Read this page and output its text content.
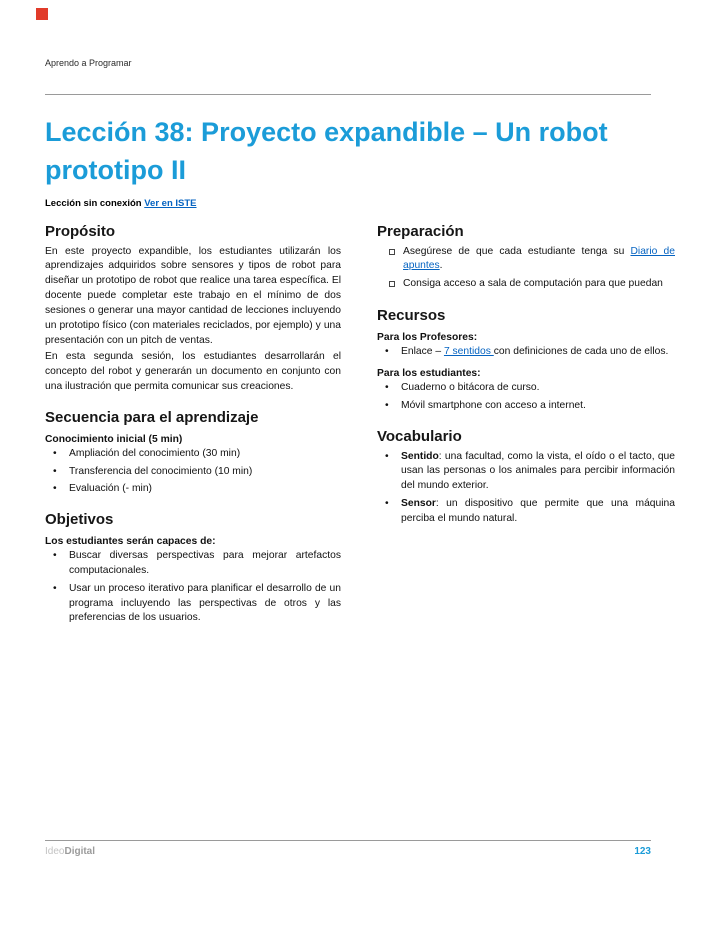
Aprendo a Programar
Lección 38: Proyecto expandible – Un robot prototipo II
Lección sin conexión Ver en ISTE
Propósito

En este proyecto expandible, los estudiantes utilizarán los aprendizajes adquiridos sobre sensores y tipos de robot para diseñar un prototipo de robot que realice una tarea específica. El docente puede completar este trabajo en el mínimo de dos sesiones o generar una mayor cantidad de lecciones incluyendo un prototipo físico (con materiales reciclados, por ejemplo) y una presentación con un pitch de ventas.

En esta segunda sesión, los estudiantes desarrollarán el concepto del robot y generarán un documento en conjunto con una ilustración que permita comunicar sus creaciones.

Secuencia para el aprendizaje

Conocimiento inicial (5 min)

•	Ampliación del conocimiento (30 min)
•	Transferencia del conocimiento (10 min)
•	Evaluación (- min)
Objetivos

Los estudiantes serán capaces de:

•	Buscar diversas perspectivas para mejorar artefactos computacionales.
•	Usar un proceso iterativo para planificar el desarrollo de un programa incluyendo las perspectivas de otros y las preferencias de los usuarios.
Preparación
Asegúrese de que cada estudiante tenga su Diario de apuntes.
Consiga acceso a sala de computación para que puedan
Recursos

Para los Profesores:

•	Enlace – 7 sentidos con definiciones de cada uno de ellos.

Para los estudiantes:

•	Cuaderno o bitácora de curso.
•	Móvil smartphone con acceso a internet.
Vocabulario
•	Sentido: una facultad, como la vista, el oído o el tacto, que usan las personas o los animales para percibir información del mundo exterior.
•	Sensor: un dispositivo que permite que una máquina perciba el mundo natural.
IdeoDigital	123
